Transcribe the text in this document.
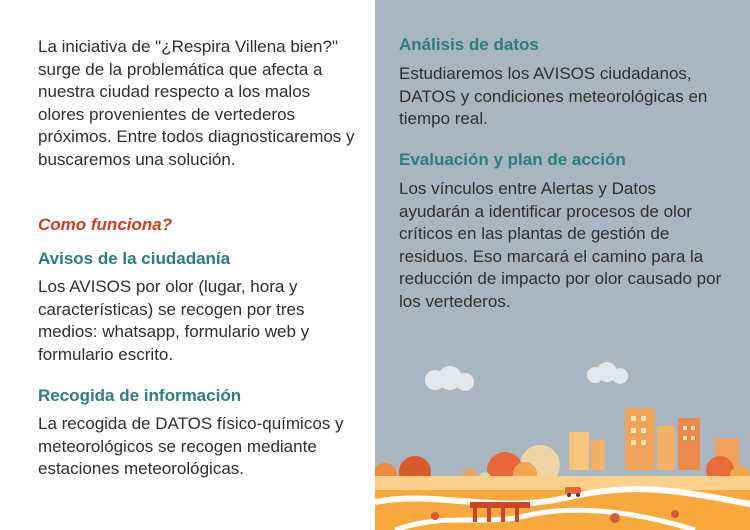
La iniciativa de "¿Respira Villena bien?" surge de la problemática que afecta a nuestra ciudad respecto a los malos olores provenientes de vertederos próximos. Entre todos diagnosticaremos y buscaremos una solución.
Como funciona?
Avisos de la ciudadanía
Los AVISOS por olor (lugar, hora y características) se recogen por tres medios: whatsapp, formulario web y formulario escrito.
Recogida de información
La recogida de DATOS físico-químicos y meteorológicos se recogen mediante estaciones meteorológicas.
Análisis de datos
Estudiaremos los AVISOS ciudadanos, DATOS y condiciones meteorológicas en tiempo real.
Evaluación y plan de acción
Los vínculos entre Alertas y Datos ayudarán a identificar procesos de olor críticos en las plantas de gestión de residuos. Eso marcará el camino para la reducción de impacto por olor causado por los vertederos.
